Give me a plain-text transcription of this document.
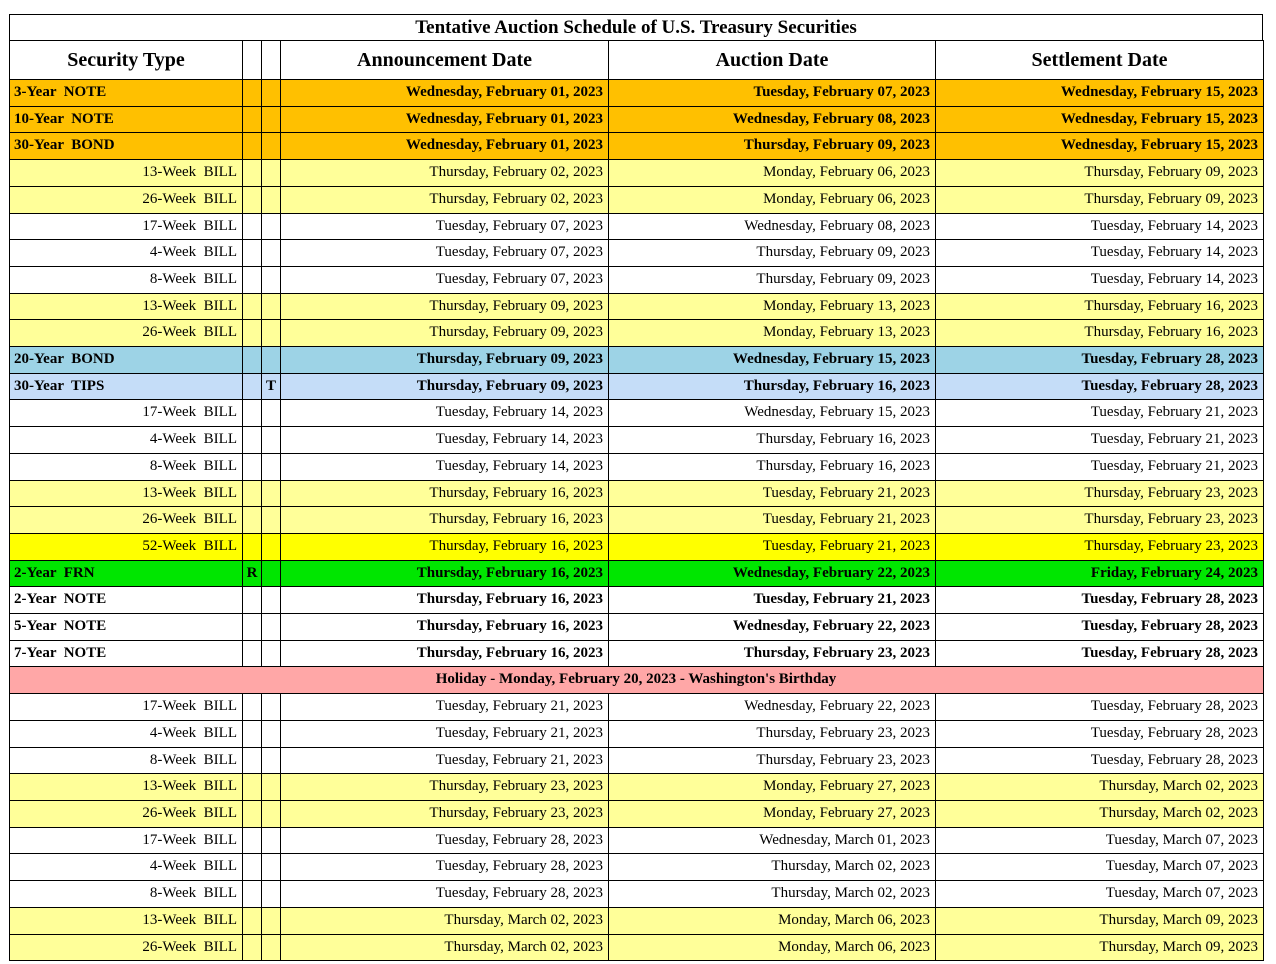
Tentative Auction Schedule of U.S. Treasury Securities
Security Type			Announcement Date	Auction Date	Settlement Date
3-Year  NOTE			Wednesday, February 01, 2023	Tuesday, February 07, 2023	Wednesday, February 15, 2023
10-Year  NOTE			Wednesday, February 01, 2023	Wednesday, February 08, 2023	Wednesday, February 15, 2023
30-Year  BOND			Wednesday, February 01, 2023	Thursday, February 09, 2023	Wednesday, February 15, 2023
13-Week  BILL			Thursday, February 02, 2023	Monday, February 06, 2023	Thursday, February 09, 2023
26-Week  BILL			Thursday, February 02, 2023	Monday, February 06, 2023	Thursday, February 09, 2023
17-Week  BILL			Tuesday, February 07, 2023	Wednesday, February 08, 2023	Tuesday, February 14, 2023
4-Week  BILL			Tuesday, February 07, 2023	Thursday, February 09, 2023	Tuesday, February 14, 2023
8-Week  BILL			Tuesday, February 07, 2023	Thursday, February 09, 2023	Tuesday, February 14, 2023
13-Week  BILL			Thursday, February 09, 2023	Monday, February 13, 2023	Thursday, February 16, 2023
26-Week  BILL			Thursday, February 09, 2023	Monday, February 13, 2023	Thursday, February 16, 2023
20-Year  BOND			Thursday, February 09, 2023	Wednesday, February 15, 2023	Tuesday, February 28, 2023
30-Year  TIPS		T	Thursday, February 09, 2023	Thursday, February 16, 2023	Tuesday, February 28, 2023
17-Week  BILL			Tuesday, February 14, 2023	Wednesday, February 15, 2023	Tuesday, February 21, 2023
4-Week  BILL			Tuesday, February 14, 2023	Thursday, February 16, 2023	Tuesday, February 21, 2023
8-Week  BILL			Tuesday, February 14, 2023	Thursday, February 16, 2023	Tuesday, February 21, 2023
13-Week  BILL			Thursday, February 16, 2023	Tuesday, February 21, 2023	Thursday, February 23, 2023
26-Week  BILL			Thursday, February 16, 2023	Tuesday, February 21, 2023	Thursday, February 23, 2023
52-Week  BILL			Thursday, February 16, 2023	Tuesday, February 21, 2023	Thursday, February 23, 2023
2-Year  FRN	R		Thursday, February 16, 2023	Wednesday, February 22, 2023	Friday, February 24, 2023
2-Year  NOTE			Thursday, February 16, 2023	Tuesday, February 21, 2023	Tuesday, February 28, 2023
5-Year  NOTE			Thursday, February 16, 2023	Wednesday, February 22, 2023	Tuesday, February 28, 2023
7-Year  NOTE			Thursday, February 16, 2023	Thursday, February 23, 2023	Tuesday, February 28, 2023
Holiday - Monday, February 20, 2023 - Washington's Birthday					
17-Week  BILL			Tuesday, February 21, 2023	Wednesday, February 22, 2023	Tuesday, February 28, 2023
4-Week  BILL			Tuesday, February 21, 2023	Thursday, February 23, 2023	Tuesday, February 28, 2023
8-Week  BILL			Tuesday, February 21, 2023	Thursday, February 23, 2023	Tuesday, February 28, 2023
13-Week  BILL			Thursday, February 23, 2023	Monday, February 27, 2023	Thursday, March 02, 2023
26-Week  BILL			Thursday, February 23, 2023	Monday, February 27, 2023	Thursday, March 02, 2023
17-Week  BILL			Tuesday, February 28, 2023	Wednesday, March 01, 2023	Tuesday, March 07, 2023
4-Week  BILL			Tuesday, February 28, 2023	Thursday, March 02, 2023	Tuesday, March 07, 2023
8-Week  BILL			Tuesday, February 28, 2023	Thursday, March 02, 2023	Tuesday, March 07, 2023
13-Week  BILL			Thursday, March 02, 2023	Monday, March 06, 2023	Thursday, March 09, 2023
26-Week  BILL			Thursday, March 02, 2023	Monday, March 06, 2023	Thursday, March 09, 2023
